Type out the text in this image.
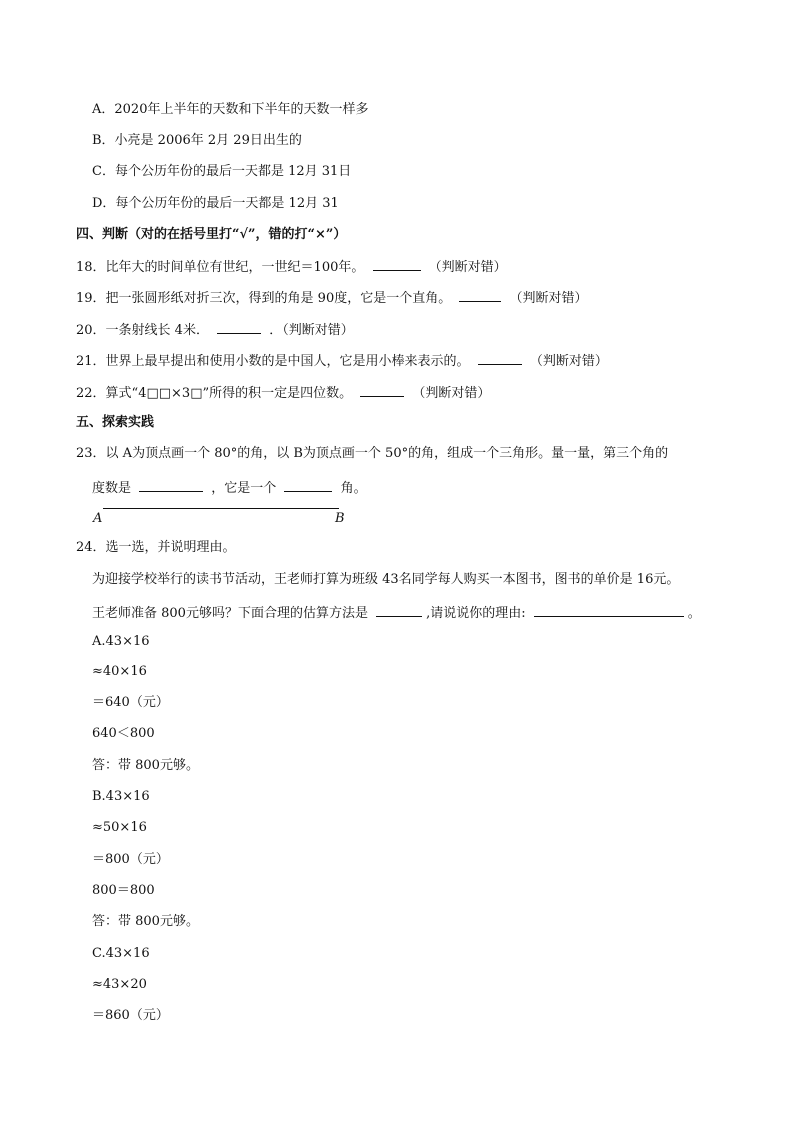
A．2020年上半年的天数和下半年的天数一样多
B．小亮是 2006年 2月 29日出生的
C．每个公历年份的最后一天都是 12月 31日
D．每个公历年份的最后一天都是 12月 31
四、判断（对的在括号里打“√”，错的打“×”）
18．比年大的时间单位有世纪，一世纪＝100年。	（判断对错）
19．把一张圆形纸对折三次，得到的角是 90度，它是一个直角。	（判断对错）
20．一条射线长 4米．	．（判断对错）
21．世界上最早提出和使用小数的是中国人，它是用小棒来表示的。	（判断对错）
22．算式“4□□×3□”所得的积一定是四位数。	（判断对错）
五、探索实践
23．以 A为顶点画一个 80°的角，以 B为顶点画一个 50°的角，组成一个三角形。量一量，第三个角的
度数是	，它是一个	角。
A	B
24．选一选，并说明理由。
为迎接学校举行的读书节活动，王老师打算为班级 43名同学每人购买一本图书，图书的单价是 16元。
王老师准备 800元够吗？下面合理的估算方法是	,请说说你的理由:	。
A.43×16
≈40×16
＝640（元）
640＜800
答：带 800元够。
B.43×16
≈50×16
＝800（元）
800＝800
答：带 800元够。
C.43×16
≈43×20
＝860（元）
